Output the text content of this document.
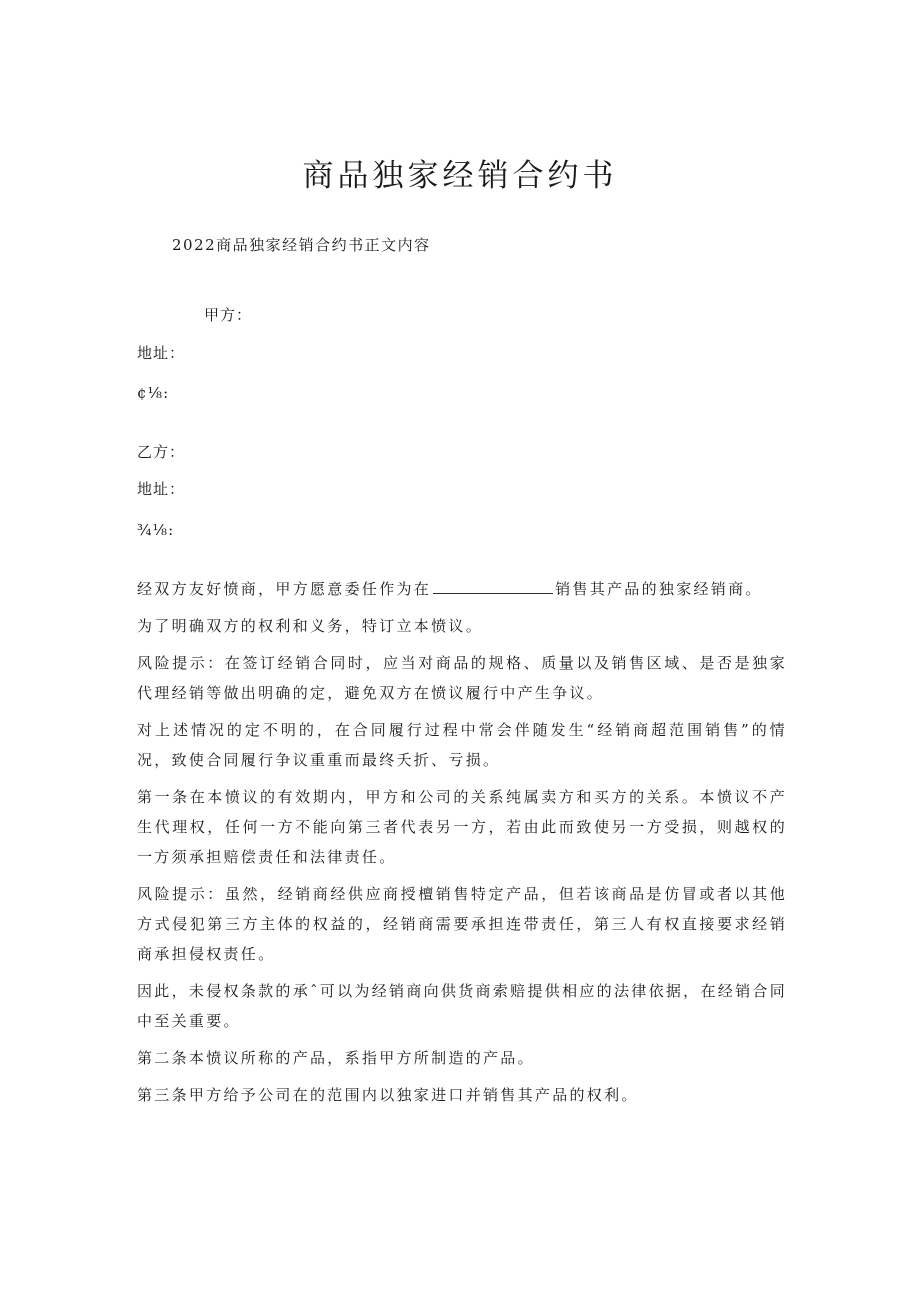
商品独家经销合约书
2022商品独家经销合约书正文内容
甲方：
地址：
¢⅛:
乙方：
地址：
¾⅛:

经双方友好愤商，甲方愿意委任作为在	销售其产品的独家经销商。

为了明确双方的权利和义务，特订立本愤议。

风险提示：在签订经销合同时，应当对商品的规格、质量以及销售区域、是否是独家代理经销等做出明确的定，避免双方在愤议履行中产生争议。

对上述情况的定不明的，在合同履行过程中常会伴随发生“经销商超范围销售”的情况，致使合同履行争议重重而最终夭折、亏损。

第一条在本愤议的有效期内，甲方和公司的关系纯属卖方和买方的关系。本愤议不产生代理权，任何一方不能向第三者代表另一方，若由此而致使另一方受损，则越权的一方须承担赔偿责任和法律责任。

风险提示：虽然，经销商经供应商授檀销售特定产品，但若该商品是仿冒或者以其他方式侵犯第三方主体的权益的，经销商需要承担连带责任，第三人有权直接要求经销商承担侵权责任。

因此，未侵权条款的承ˆ可以为经销商向供货商索赔提供相应的法律依据，在经销合同中至关重要。

第二条本愤议所称的产品，系指甲方所制造的产品。

第三条甲方给予公司在的范围内以独家进口并销售其产品的权利。
